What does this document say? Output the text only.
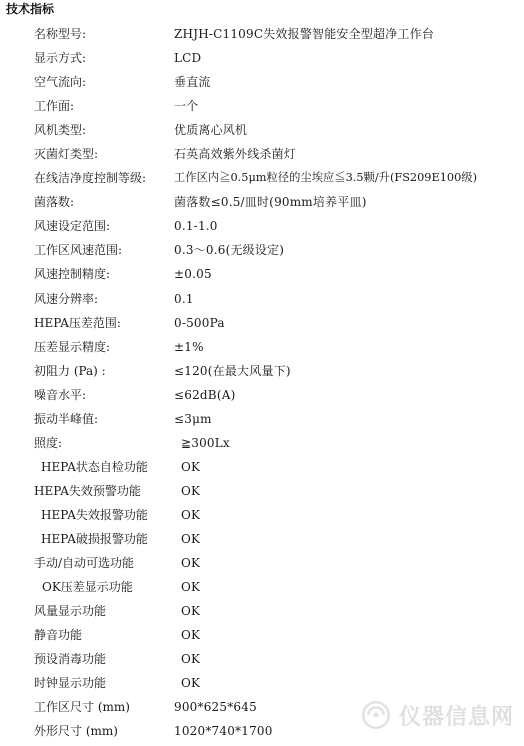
技术指标
名称型号:	ZHJH-C1109C失效报警智能安全型超净工作台
显示方式:	LCD
空气流向:	垂直流
工作面:	一个
风机类型:	优质离心风机
灭菌灯类型:	石英高效紫外线杀菌灯
在线洁净度控制等级: 工作区内≧0.5μm粒径的尘埃应≦3.5颗/升(FS209E100级)
菌落数:	菌落数≤0.5/皿时(90mm培养平皿)
风速设定范围:	0.1-1.0
工作区风速范围:	0.3～0.6(无级设定)
风速控制精度:	±0.05
风速分辨率:	0.1
HEPA压差范围:	0-500Pa
压差显示精度:	±1%
初阻力 (Pa) :	≤120(在最大风量下)
噪音水平:	≤62dB(A)
振动半峰值:	≤3μm
照度:	≧300Lx
HEPA状态自检功能	OK
HEPA失效预警功能	OK
HEPA失效报警功能	OK
HEPA破损报警功能	OK
手动/自动可选功能	OK
OK压差显示功能	OK
风量显示功能	OK
静音功能	OK
预设消毒功能	OK
时钟显示功能	OK
工作区尺寸 (mm)	900*625*645
外形尺寸 (mm)	1020*740*1700
仪器信息网
